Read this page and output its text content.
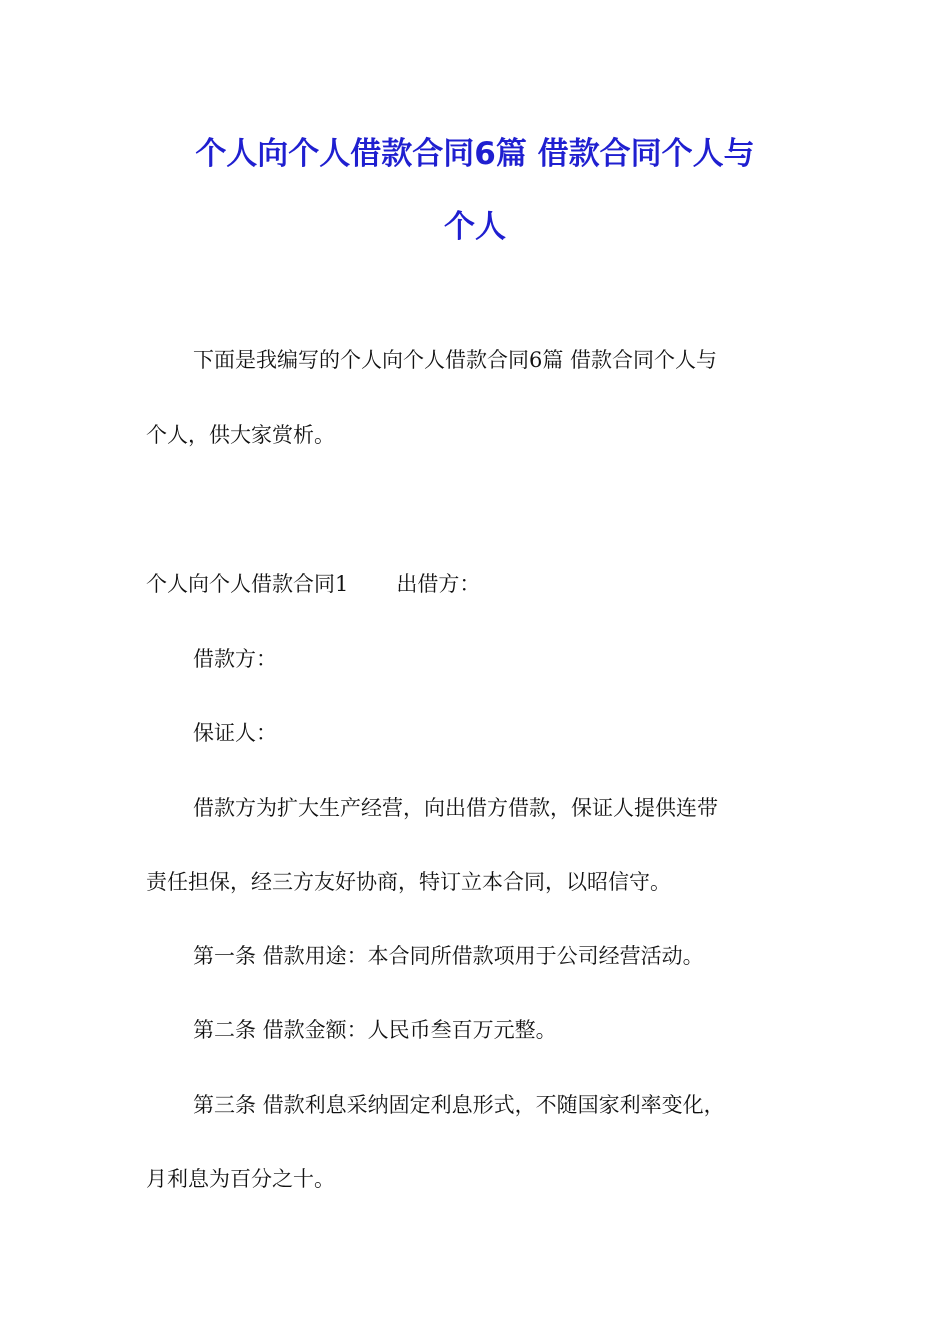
个人向个人借款合同6篇 借款合同个人与
个人
下面是我编写的个人向个人借款合同6篇 借款合同个人与
个人，供大家赏析。
个人向个人借款合同1 出借方：
借款方：
保证人：
借款方为扩大生产经营，向出借方借款，保证人提供连带
责任担保，经三方友好协商，特订立本合同，以昭信守。
第一条 借款用途：本合同所借款项用于公司经营活动。
第二条 借款金额：人民币叁百万元整。
第三条 借款利息采纳固定利息形式，不随国家利率变化，
月利息为百分之十。
